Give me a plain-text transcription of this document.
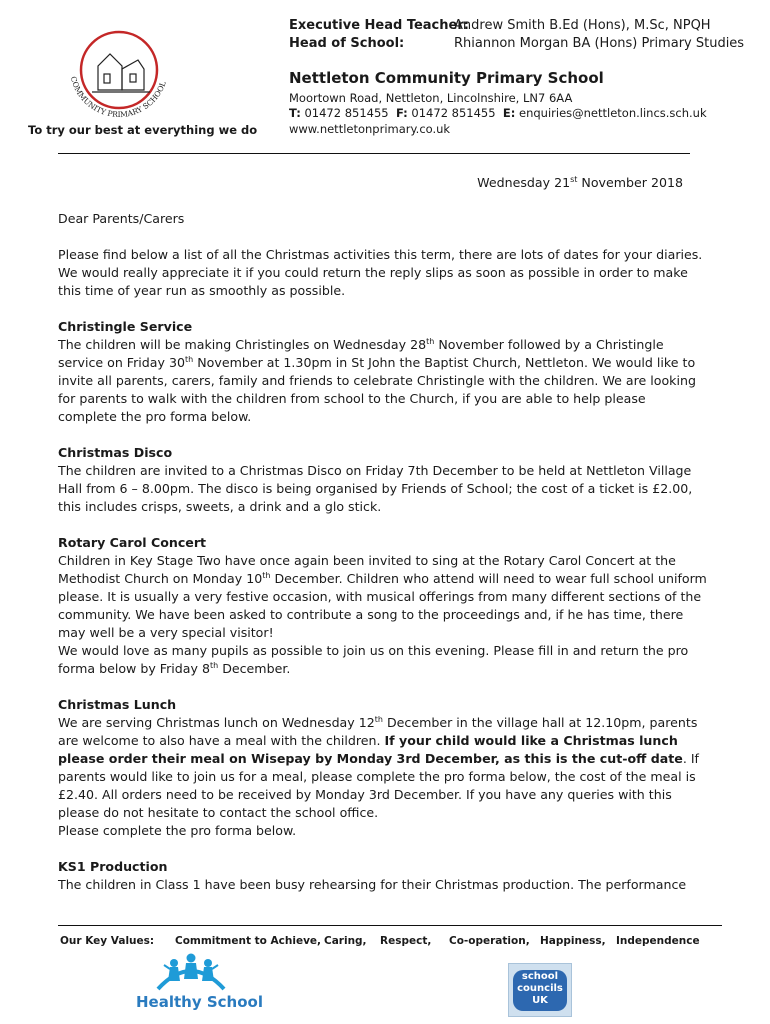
COMMUNITY PRIMARY SCHOOL
To try our best at everything we do
Executive Head Teacher:
Andrew Smith B.Ed (Hons), M.Sc, NPQH
Head of School:	Rhiannon Morgan BA (Hons) Primary Studies
Nettleton Community Primary School
Moortown Road, Nettleton, Lincolnshire, LN7 6AA
T: 01472 851455 F: 01472 851455 E: enquiries@nettleton.lincs.sch.uk
www.nettletonprimary.co.uk
Wednesday 21st November 2018
Dear Parents/Carers
Please find below a list of all the Christmas activities this term, there are lots of dates for your diaries. We would really appreciate it if you could return the reply slips as soon as possible in order to make this time of year run as smoothly as possible.
Christingle Service

The children will be making Christingles on Wednesday 28th November followed by a Christingle service on Friday 30th November at 1.30pm in St John the Baptist Church, Nettleton. We would like to invite all parents, carers, family and friends to celebrate Christingle with the children. We are looking for parents to walk with the children from school to the Church, if you are able to help please complete the pro forma below.

Christmas Disco

The children are invited to a Christmas Disco on Friday 7th December to be held at Nettleton Village Hall from 6 – 8.00pm. The disco is being organised by Friends of School; the cost of a ticket is £2.00, this includes crisps, sweets, a drink and a glo stick.

Rotary Carol Concert

Children in Key Stage Two have once again been invited to sing at the Rotary Carol Concert at the Methodist Church on Monday 10th December. Children who attend will need to wear full school uniform please. It is usually a very festive occasion, with musical offerings from many different sections of the community. We have been asked to contribute a song to the proceedings and, if he has time, there may well be a very special visitor!

We would love as many pupils as possible to join us on this evening. Please fill in and return the pro forma below by Friday 8th December.

Christmas Lunch

We are serving Christmas lunch on Wednesday 12th December in the village hall at 12.10pm, parents are welcome to also have a meal with the children. If your child would like a Christmas lunch please order their meal on Wisepay by Monday 3rd December, as this is the cut-off date. If parents would like to join us for a meal, please complete the pro forma below, the cost of the meal is £2.40. All orders need to be received by Monday 3rd December. If you have any queries with this please do not hesitate to contact the school office.

Please complete the pro forma below.

KS1 Production

The children in Class 1 have been busy rehearsing for their Christmas production. The performance

Our Key Values: Commitment to Achieve, Caring, Respect, Co-operation, Happiness, Independence
Healthy School
school
councils
UK
